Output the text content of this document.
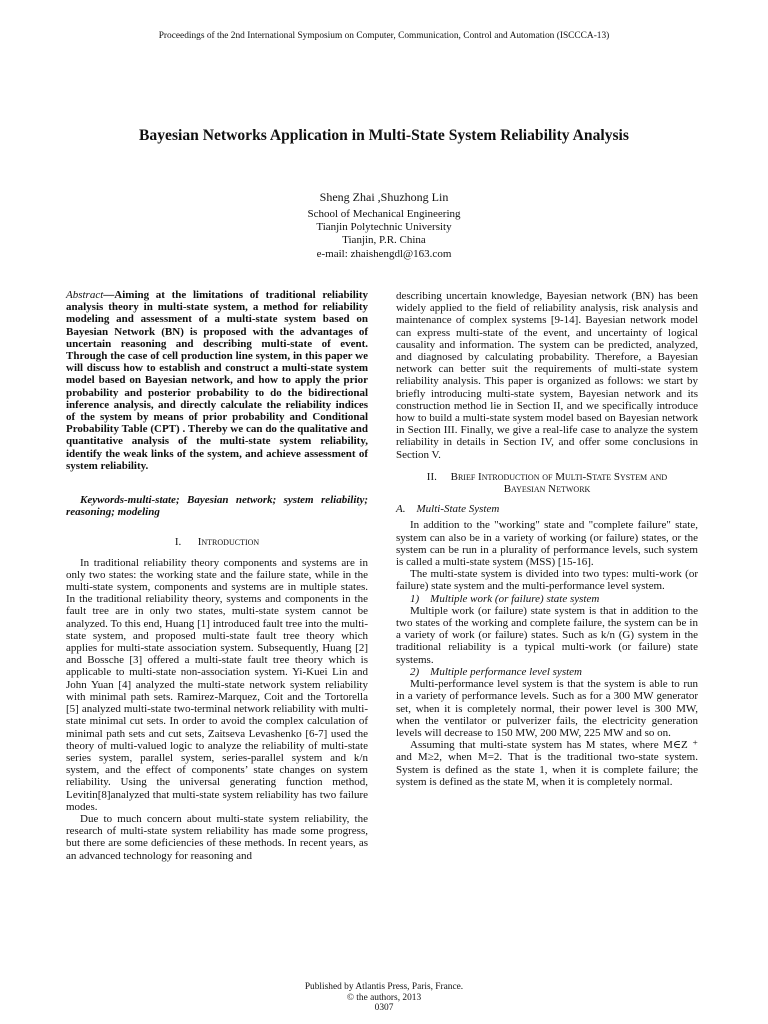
Proceedings of the 2nd International Symposium on Computer, Communication, Control and Automation (ISCCCA-13)
Bayesian Networks Application in Multi-State System Reliability Analysis
Sheng Zhai ,Shuzhong Lin
School of Mechanical Engineering
Tianjin Polytechnic University
Tianjin, P.R. China
e-mail: zhaishengdl@163.com

Abstract—Aiming at the limitations of traditional reliability analysis theory in multi-state system, a method for reliability modeling and assessment of a multi-state system based on Bayesian Network (BN) is proposed with the advantages of uncertain reasoning and describing multi-state of event. Through the case of cell production line system, in this paper we will discuss how to establish and construct a multi-state system model based on Bayesian network, and how to apply the prior probability and posterior probability to do the bidirectional inference analysis, and directly calculate the reliability indices of the system by means of prior probability and Conditional Probability Table (CPT) . Thereby we can do the qualitative and quantitative analysis of the multi-state system reliability, identify the weak links of the system, and achieve assessment of system reliability.

Keywords-multi-state; Bayesian network; system reliability; reasoning; modeling

I. Introduction

In traditional reliability theory components and systems are in only two states: the working state and the failure state, while in the multi-state system, components and systems are in multiple states. In the traditional reliability theory, systems and components in the fault tree are in only two states, multi-state system cannot be analyzed. To this end, Huang [1] introduced fault tree into the multi-state system, and proposed multi-state fault tree theory which applies for multi-state association system. Subsequently, Huang [2] and Bossche [3] offered a multi-state fault tree theory which is applicable to multi-state non-association system. Yi-Kuei Lin and John Yuan [4] analyzed the multi-state network system reliability with minimal path sets. Ramirez-Marquez, Coit and the Tortorella [5] analyzed multi-state two-terminal network reliability with multi-state minimal cut sets. In order to avoid the complex calculation of minimal path sets and cut sets, Zaitseva Levashenko [6-7] used the theory of multi-valued logic to analyze the reliability of multi-state series system, parallel system, series-parallel system and k/n system, and the effect of components’ state changes on system reliability. Using the universal generating function method, Levitin[8]analyzed that multi-state system reliability has two failure modes.

Due to much concern about multi-state system reliability, the research of multi-state system reliability has made some progress, but there are some deficiencies of these methods. In recent years, as an advanced technology for reasoning and

describing uncertain knowledge, Bayesian network (BN) has been widely applied to the field of reliability analysis, risk analysis and maintenance of complex systems [9-14]. Bayesian network model can express multi-state of the event, and uncertainty of logical causality and information. The system can be predicted, analyzed, and diagnosed by calculating probability. Therefore, a Bayesian network can better suit the requirements of multi-state system reliability analysis. This paper is organized as follows: we start by briefly introducing multi-state system, Bayesian network and its construction method lie in Section II, and we specifically introduce how to build a multi-state system model based on Bayesian network in Section III. Finally, we give a real-life case to analyze the system reliability in details in Section IV, and offer some conclusions in Section V.

II. Brief Introduction of Multi-State System and
Bayesian Network
A. Multi-State System

In addition to the "working" state and "complete failure" state, system can also be in a variety of working (or failure) states, or the system can be run in a plurality of performance levels, such system is called a multi-state system (MSS) [15-16].

The multi-state system is divided into two types: multi-work (or failure) state system and the multi-performance level system.

1)    Multiple work (or failure) state system

Multiple work (or failure) state system is that in addition to the two states of the working and complete failure, the system can be in a variety of work (or failure) states. Such as k/n (G) system in the traditional reliability is a typical multi-work (or failure) state systems.

2)    Multiple performance level system

Multi-performance level system is that the system is able to run in a variety of performance levels. Such as for a 300 MW generator set, when it is completely normal, their power level is 300 MW, when the ventilator or pulverizer fails, the electricity generation levels will decrease to 150 MW, 200 MW, 225 MW and so on.

Assuming that multi-state system has M states, where M∈Z ⁺ and M≥2, when M=2. That is the traditional two-state system. System is defined as the state 1, when it is complete failure; the system is defined as the state M, when it is completely normal.

Published by Atlantis Press, Paris, France.
© the authors, 2013
0307
